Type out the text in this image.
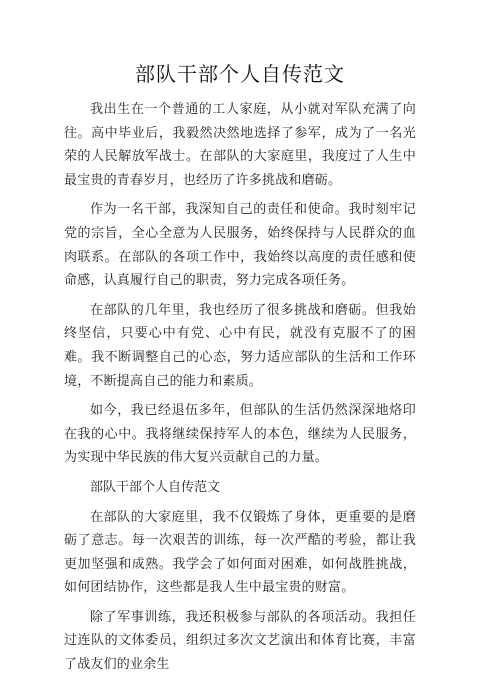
部队干部个人自传范文

我出生在一个普通的工人家庭，从小就对军队充满了向往。高中毕业后，我毅然决然地选择了参军，成为了一名光荣的人民解放军战士。在部队的大家庭里，我度过了人生中最宝贵的青春岁月，也经历了许多挑战和磨砺。

作为一名干部，我深知自己的责任和使命。我时刻牢记党的宗旨，全心全意为人民服务，始终保持与人民群众的血肉联系。在部队的各项工作中，我始终以高度的责任感和使命感，认真履行自己的职责，努力完成各项任务。

在部队的几年里，我也经历了很多挑战和磨砺。但我始终坚信，只要心中有党、心中有民，就没有克服不了的困难。我不断调整自己的心态，努力适应部队的生活和工作环境，不断提高自己的能力和素质。

如今，我已经退伍多年，但部队的生活仍然深深地烙印在我的心中。我将继续保持军人的本色，继续为人民服务，为实现中华民族的伟大复兴贡献自己的力量。

部队干部个人自传范文

在部队的大家庭里，我不仅锻炼了身体，更重要的是磨砺了意志。每一次艰苦的训练，每一次严酷的考验，都让我更加坚强和成熟。我学会了如何面对困难，如何战胜挑战，如何团结协作，这些都是我人生中最宝贵的财富。

除了军事训练，我还积极参与部队的各项活动。我担任过连队的文体委员，组织过多次文艺演出和体育比赛，丰富了战友们的业余生
